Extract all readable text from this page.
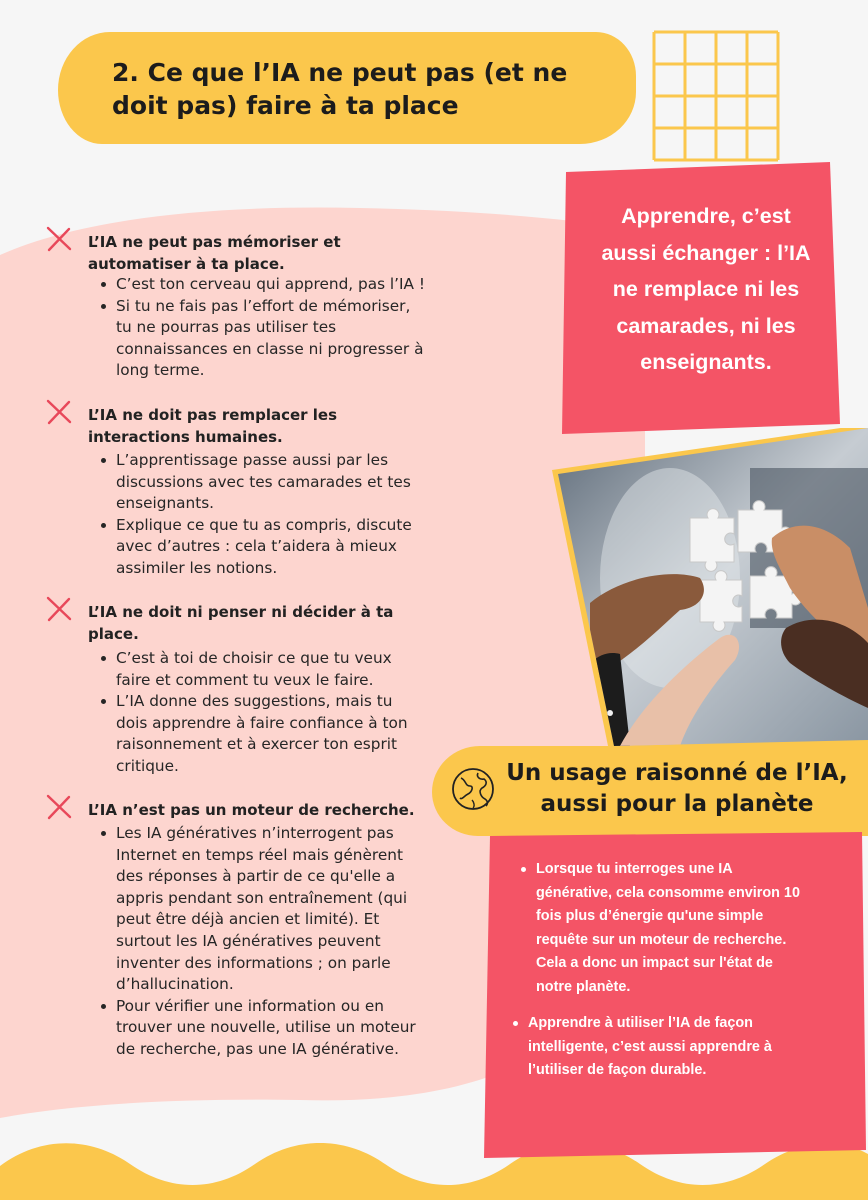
2. Ce que l’IA ne peut pas (et ne
doit pas) faire à ta place
L’IA ne peut pas mémoriser et
automatiser à ta place.
C’est ton cerveau qui apprend, pas l’IA !
Si tu ne fais pas l’effort de mémoriser,
tu ne pourras pas utiliser tes
connaissances en classe ni progresser à
long terme.
L’IA ne doit pas remplacer les
interactions humaines.
L’apprentissage passe aussi par les
discussions avec tes camarades et tes
enseignants.
Explique ce que tu as compris, discute
avec d’autres : cela t’aidera à mieux
assimiler les notions.
L’IA ne doit ni penser ni décider à ta
place.
C’est à toi de choisir ce que tu veux
faire et comment tu veux le faire.
L’IA donne des suggestions, mais tu
dois apprendre à faire confiance à ton
raisonnement et à exercer ton esprit
critique.
L’IA n’est pas un moteur de recherche.
Les IA génératives n’interrogent pas
Internet en temps réel mais génèrent
des réponses à partir de ce qu'elle a
appris pendant son entraînement (qui
peut être déjà ancien et limité). Et
surtout les IA génératives peuvent
inventer des informations ; on parle
d’hallucination.
Pour vérifier une information ou en
trouver une nouvelle, utilise un moteur
de recherche, pas une IA générative.
Apprendre, c’est
aussi échanger : l’IA
ne remplace ni les
camarades, ni les
enseignants.
Un usage raisonné de l’IA,
aussi pour la planète
Lorsque tu interroges une IA
générative, cela consomme environ 10
fois plus d’énergie qu'une simple
requête sur un moteur de recherche.
Cela a donc un impact sur l'état de
notre planète.
Apprendre à utiliser l’IA de façon
intelligente, c’est aussi apprendre à
l’utiliser de façon durable.
